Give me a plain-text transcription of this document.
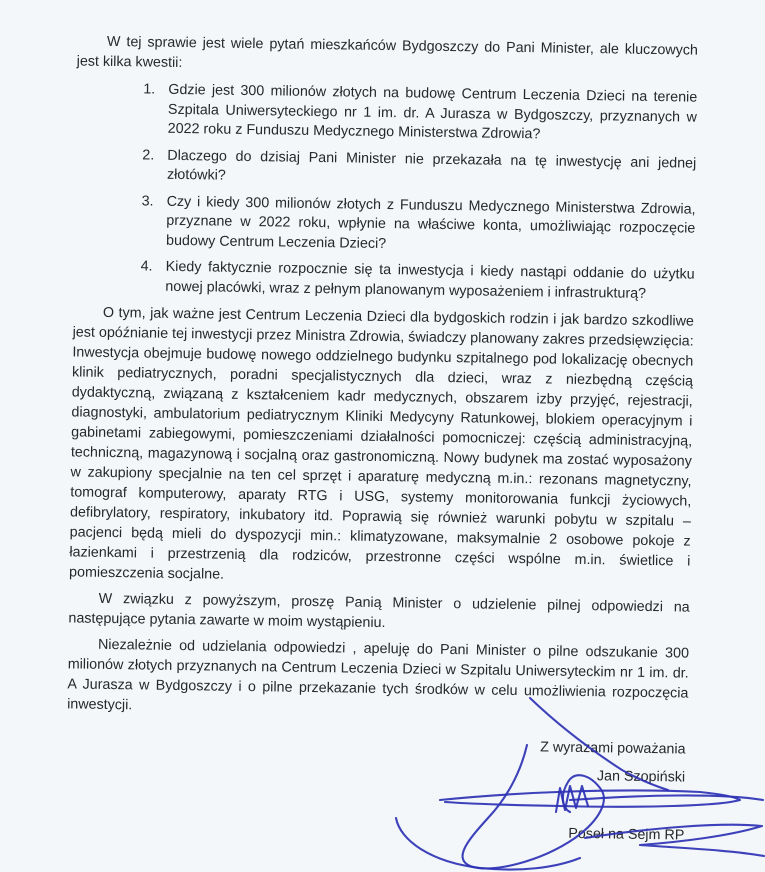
W tej sprawie jest wiele pytań mieszkańców Bydgoszczy do Pani Minister, ale kluczowych jest kilka kwestii:

1. Gdzie jest 300 milionów złotych na budowę Centrum Leczenia Dzieci na terenie Szpitala Uniwersyteckiego nr 1 im. dr. A Jurasza w Bydgoszczy, przyznanych w 2022 roku z Funduszu Medycznego Ministerstwa Zdrowia?
2. Dlaczego do dzisiaj Pani Minister nie przekazała na tę inwestycję ani jednej złotówki?
3. Czy i kiedy 300 milionów złotych z Funduszu Medycznego Ministerstwa Zdrowia, przyznane w 2022 roku, wpłynie na właściwe konta, umożliwiając rozpoczęcie budowy Centrum Leczenia Dzieci?
4. Kiedy faktycznie rozpocznie się ta inwestycja i kiedy nastąpi oddanie do użytku nowej placówki, wraz z pełnym planowanym wyposażeniem i infrastrukturą?

O tym, jak ważne jest Centrum Leczenia Dzieci dla bydgoskich rodzin i jak bardzo szkodliwe jest opóźnianie tej inwestycji przez Ministra Zdrowia, świadczy planowany zakres przedsięwzięcia: Inwestycja obejmuje budowę nowego oddzielnego budynku szpitalnego pod lokalizację obecnych klinik pediatrycznych, poradni specjalistycznych dla dzieci, wraz z niezbędną częścią dydaktyczną, związaną z kształceniem kadr medycznych, obszarem izby przyjęć, rejestracji, diagnostyki, ambulatorium pediatrycznym Kliniki Medycyny Ratunkowej, blokiem operacyjnym i gabinetami zabiegowymi, pomieszczeniami działalności pomocniczej: częścią administracyjną, techniczną, magazynową i socjalną oraz gastronomiczną. Nowy budynek ma zostać wyposażony w zakupiony specjalnie na ten cel sprzęt i aparaturę medyczną m.in.: rezonans magnetyczny, tomograf komputerowy, aparaty RTG i USG, systemy monitorowania funkcji życiowych, defibrylatory, respiratory, inkubatory itd. Poprawią się również warunki pobytu w szpitalu – pacjenci będą mieli do dyspozycji min.: klimatyzowane, maksymalnie 2 osobowe pokoje z łazienkami i przestrzenią dla rodziców, przestronne części wspólne m.in. świetlice i pomieszczenia socjalne.

W związku z powyższym, proszę Panią Minister o udzielenie pilnej odpowiedzi na następujące pytania zawarte w moim wystąpieniu.

Niezależnie od udzielania odpowiedzi , apeluję do Pani Minister o pilne odszukanie 300 milionów złotych przyznanych na Centrum Leczenia Dzieci w Szpitalu Uniwersyteckim nr 1 im. dr. A Jurasza w Bydgoszczy i o pilne przekazanie tych środków w celu umożliwienia rozpoczęcia inwestycji.

Z wyrazami poważania

Jan Szopiński

Poseł na Sejm RP
